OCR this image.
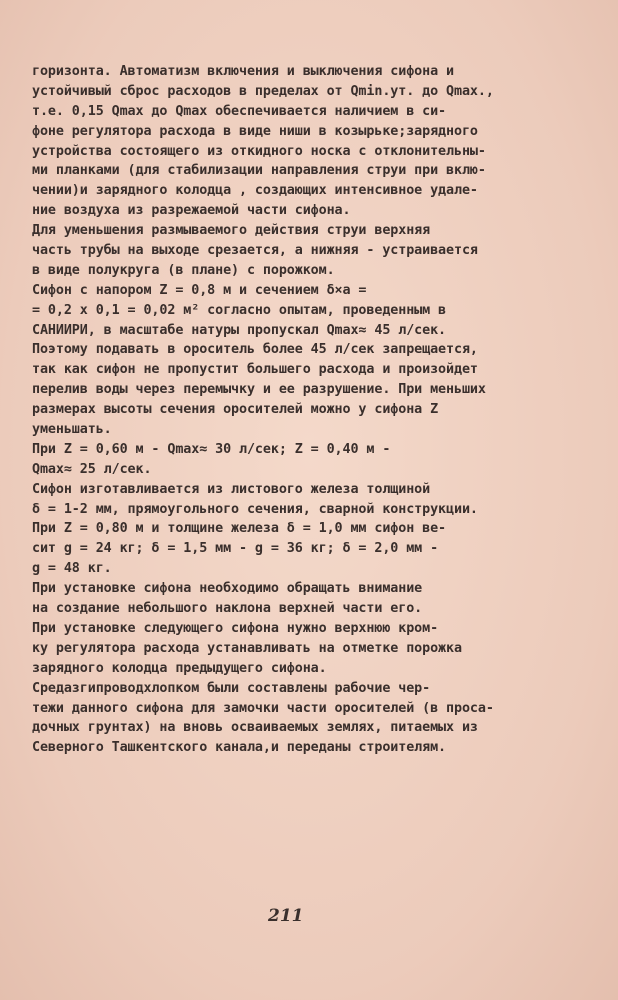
горизонта. Автоматизм включения и выключения сифона и
устойчивый сброс расходов в пределах от Qmin.ут. до Qmax.,
т.е. 0,15 Qmax до Qmax обеспечивается наличием в си-
фоне регулятора расхода в виде ниши в козырьке;зарядного
устройства состоящего из откидного носка с отклонительны-
ми планками (для стабилизации направления струи при вклю-
чении)и зарядного колодца , создающих интенсивное удале-
ние воздуха из разрежаемой части сифона.
Для уменьшения размываемого действия струи верхняя
часть трубы на выходе срезается, а нижняя - устраивается
в виде полукруга (в плане) с порожком.
Сифон с напором Z = 0,8 м и сечением δ×a =
= 0,2 x 0,1 = 0,02 м² согласно опытам, проведенным в
САНИИРИ, в масштабе натуры пропускал Qmax≈ 45 л/сек.
Поэтому подавать в ороситель более 45 л/сек запрещается,
так как сифон не пропустит большего расхода и произойдет
перелив воды через перемычку и ее разрушение. При меньших
размерах высоты сечения оросителей можно у сифона Z
уменьшать.
При Z = 0,60 м - Qmax≈ 30 л/сек; Z = 0,40 м -
Qmax≈ 25 л/сек.
Сифон изготавливается из листового железа толщиной
δ = 1-2 мм, прямоугольного сечения, сварной конструкции.
При Z = 0,80 м и толщине железа δ = 1,0 мм сифон ве-
сит g = 24 кг; δ = 1,5 мм - g = 36 кг; δ = 2,0 мм -
g = 48 кг.
При установке сифона необходимо обращать внимание
на создание небольшого наклона верхней части его.
При установке следующего сифона нужно верхнюю кром-
ку регулятора расхода устанавливать на отметке порожка
зарядного колодца предыдущего сифона.
Средазгипроводхлопком были составлены рабочие чер-
тежи данного сифона для замочки части оросителей (в проса-
дочных грунтах) на вновь осваиваемых землях, питаемых из
Северного Ташкентского канала,и переданы строителям.
211
